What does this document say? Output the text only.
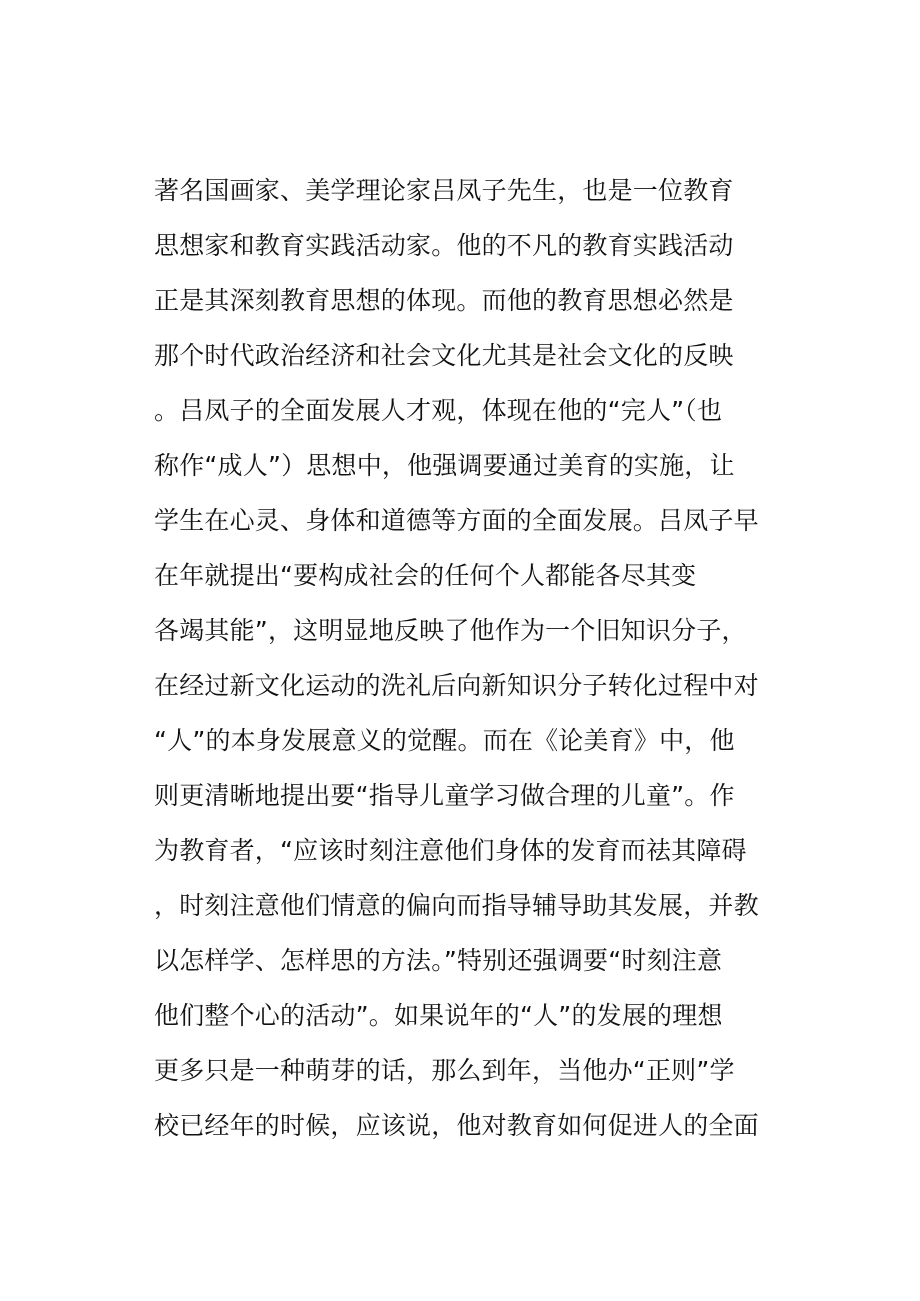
著名国画家、美学理论家吕凤子先生，也是一位教育
思想家和教育实践活动家。他的不凡的教育实践活动
正是其深刻教育思想的体现。而他的教育思想必然是
那个时代政治经济和社会文化尤其是社会文化的反映
。吕凤子的全面发展人才观，体现在他的“完人”（也
称作“成人”）思想中，他强调要通过美育的实施，让
学生在心灵、身体和道德等方面的全面发展。吕凤子早
在年就提出“要构成社会的任何个人都能各尽其变
各竭其能”，这明显地反映了他作为一个旧知识分子，
在经过新文化运动的洗礼后向新知识分子转化过程中对
“人”的本身发展意义的觉醒。而在《论美育》中，他
则更清晰地提出要“指导儿童学习做合理的儿童”。作
为教育者，“应该时刻注意他们身体的发育而祛其障碍
，时刻注意他们情意的偏向而指导辅导助其发展，并教
以怎样学、怎样思的方法。”特别还强调要“时刻注意
他们整个心的活动”。如果说年的“人”的发展的理想
更多只是一种萌芽的话，那么到年，当他办“正则”学
校已经年的时候，应该说，他对教育如何促进人的全面
